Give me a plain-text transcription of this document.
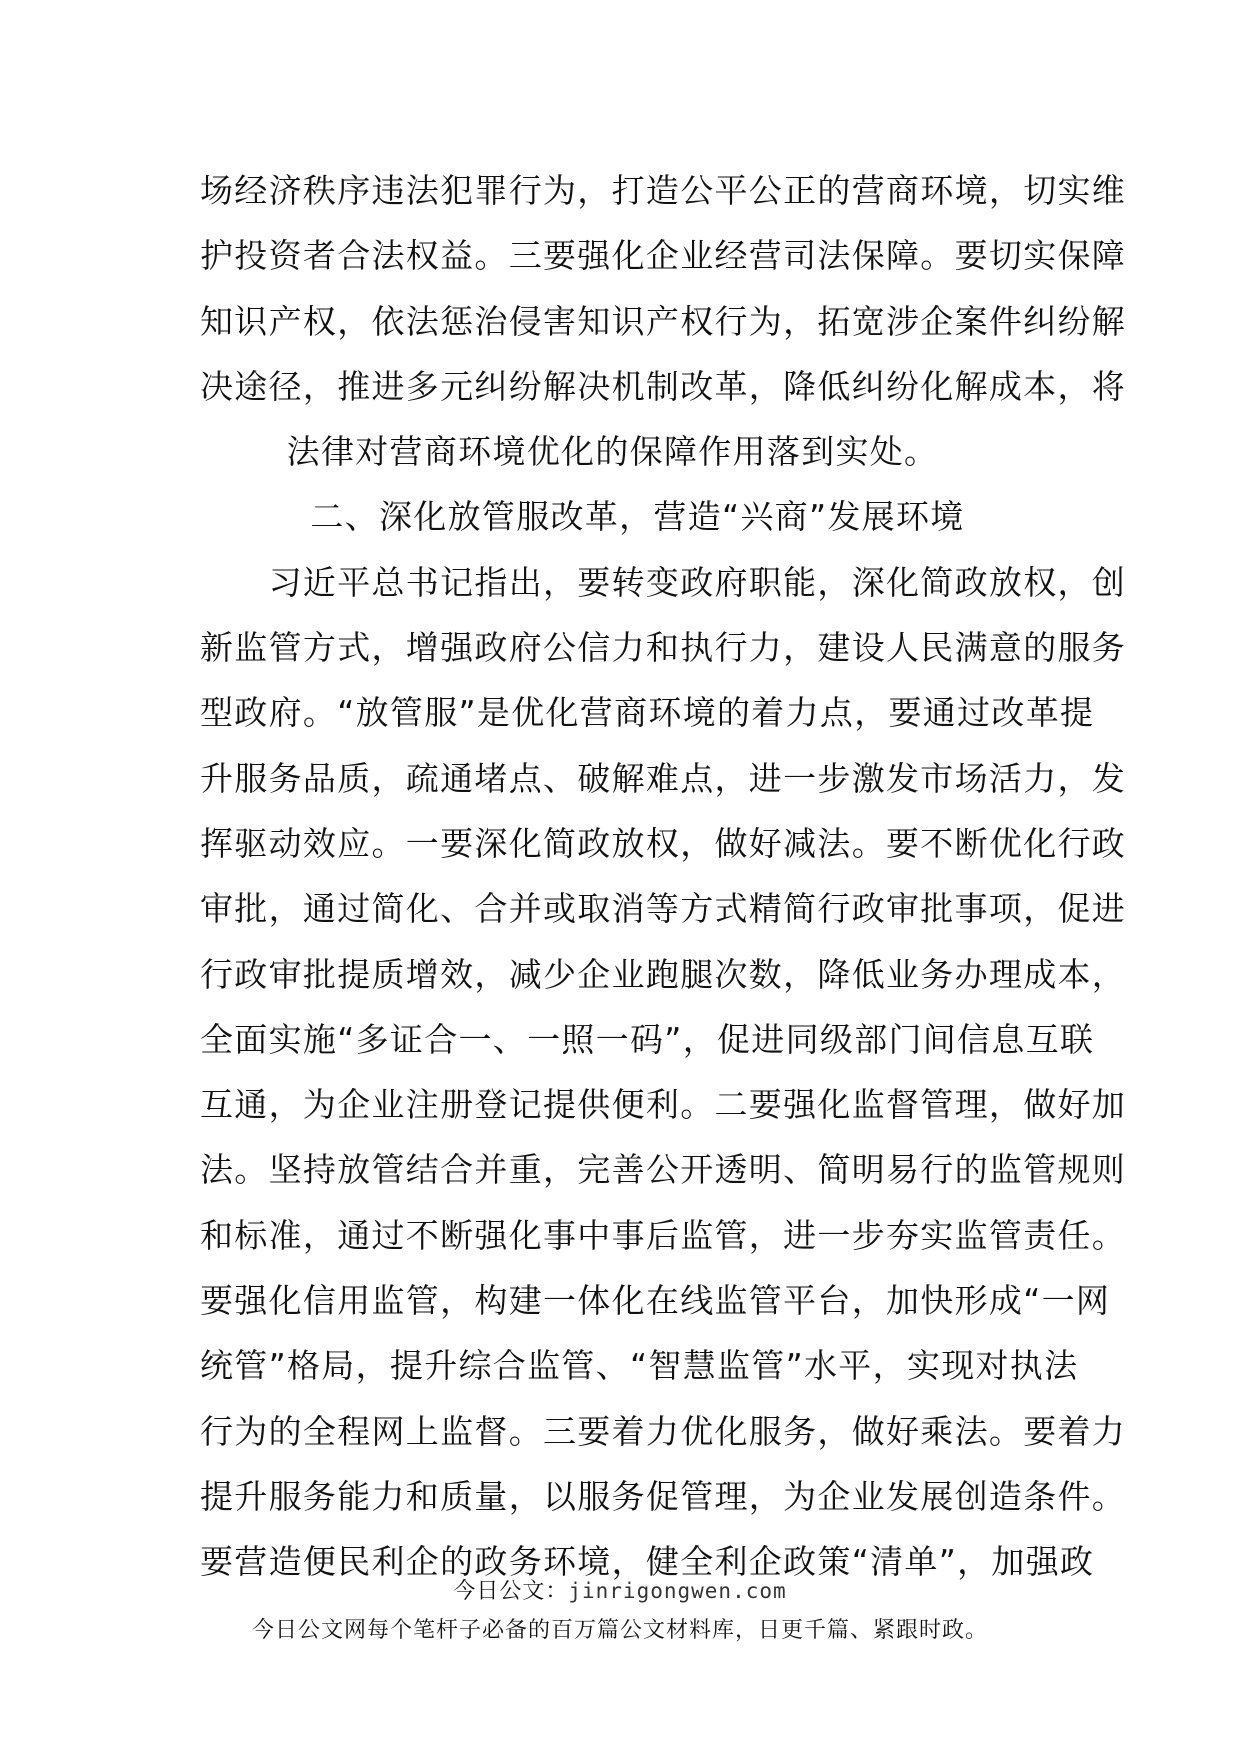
场经济秩序违法犯罪行为，打造公平公正的营商环境，切实维
护投资者合法权益。三要强化企业经营司法保障。要切实保障
知识产权，依法惩治侵害知识产权行为，拓宽涉企案件纠纷解
决途径，推进多元纠纷解决机制改革，降低纠纷化解成本，将
法律对营商环境优化的保障作用落到实处。
二、深化放管服改革，营造“兴商”发展环境
　　习近平总书记指出，要转变政府职能，深化简政放权，创
新监管方式，增强政府公信力和执行力，建设人民满意的服务
型政府。“放管服”是优化营商环境的着力点，要通过改革提
升服务品质，疏通堵点、破解难点，进一步激发市场活力，发
挥驱动效应。一要深化简政放权，做好减法。要不断优化行政
审批，通过简化、合并或取消等方式精简行政审批事项，促进
行政审批提质增效，减少企业跑腿次数，降低业务办理成本，
全面实施“多证合一、一照一码”，促进同级部门间信息互联
互通，为企业注册登记提供便利。二要强化监督管理，做好加
法。坚持放管结合并重，完善公开透明、简明易行的监管规则
和标准，通过不断强化事中事后监管，进一步夯实监管责任。
要强化信用监管，构建一体化在线监管平台，加快形成“一网
统管”格局，提升综合监管、“智慧监管”水平，实现对执法
行为的全程网上监督。三要着力优化服务，做好乘法。要着力
提升服务能力和质量，以服务促管理，为企业发展创造条件。
要营造便民利企的政务环境，健全利企政策“清单”，加强政
今日公文：jinrigongwen.com
今日公文网每个笔杆子必备的百万篇公文材料库，日更千篇、紧跟时政。
